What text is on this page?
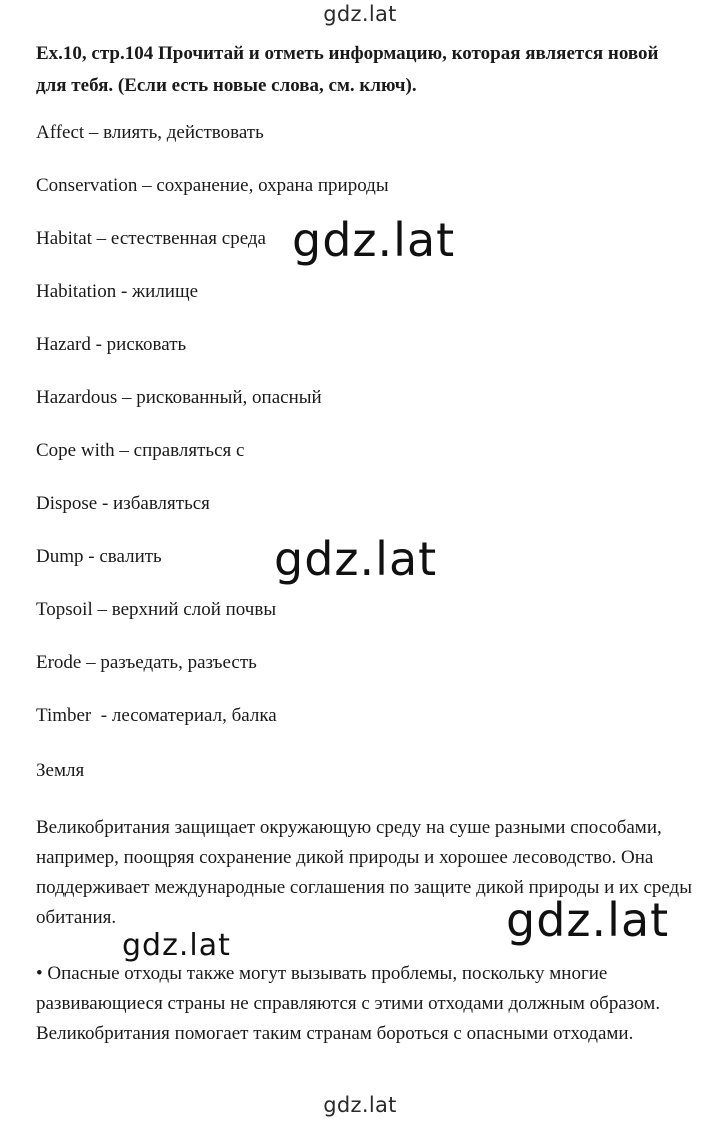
gdz.lat
Ex.10, стр.104 Прочитай и отметь информацию, которая является новой для тебя. (Если есть новые слова, см. ключ).
Affect – влиять, действовать
Conservation – сохранение, охрана природы
Habitat – естественная среда
Habitation - жилище
Hazard - рисковать
Hazardous – рискованный, опасный
Cope with – справляться с
Dispose - избавляться
Dump - свалить
Topsoil – верхний слой почвы
Erode – разъедать, разъесть
Timber  - лесоматериал, балка
Земля

Великобритания защищает окружающую среду на суше разными способами, например, поощряя сохранение дикой природы и хорошее лесоводство. Она поддерживает международные соглашения по защите дикой природы и их среды обитания.

• Опасные отходы также могут вызывать проблемы, поскольку многие развивающиеся страны не справляются с этими отходами должным образом. Великобритания помогает таким странам бороться с опасными отходами.

gdz.lat
gdz.lat
gdz.lat
gdz.lat
gdz.lat
